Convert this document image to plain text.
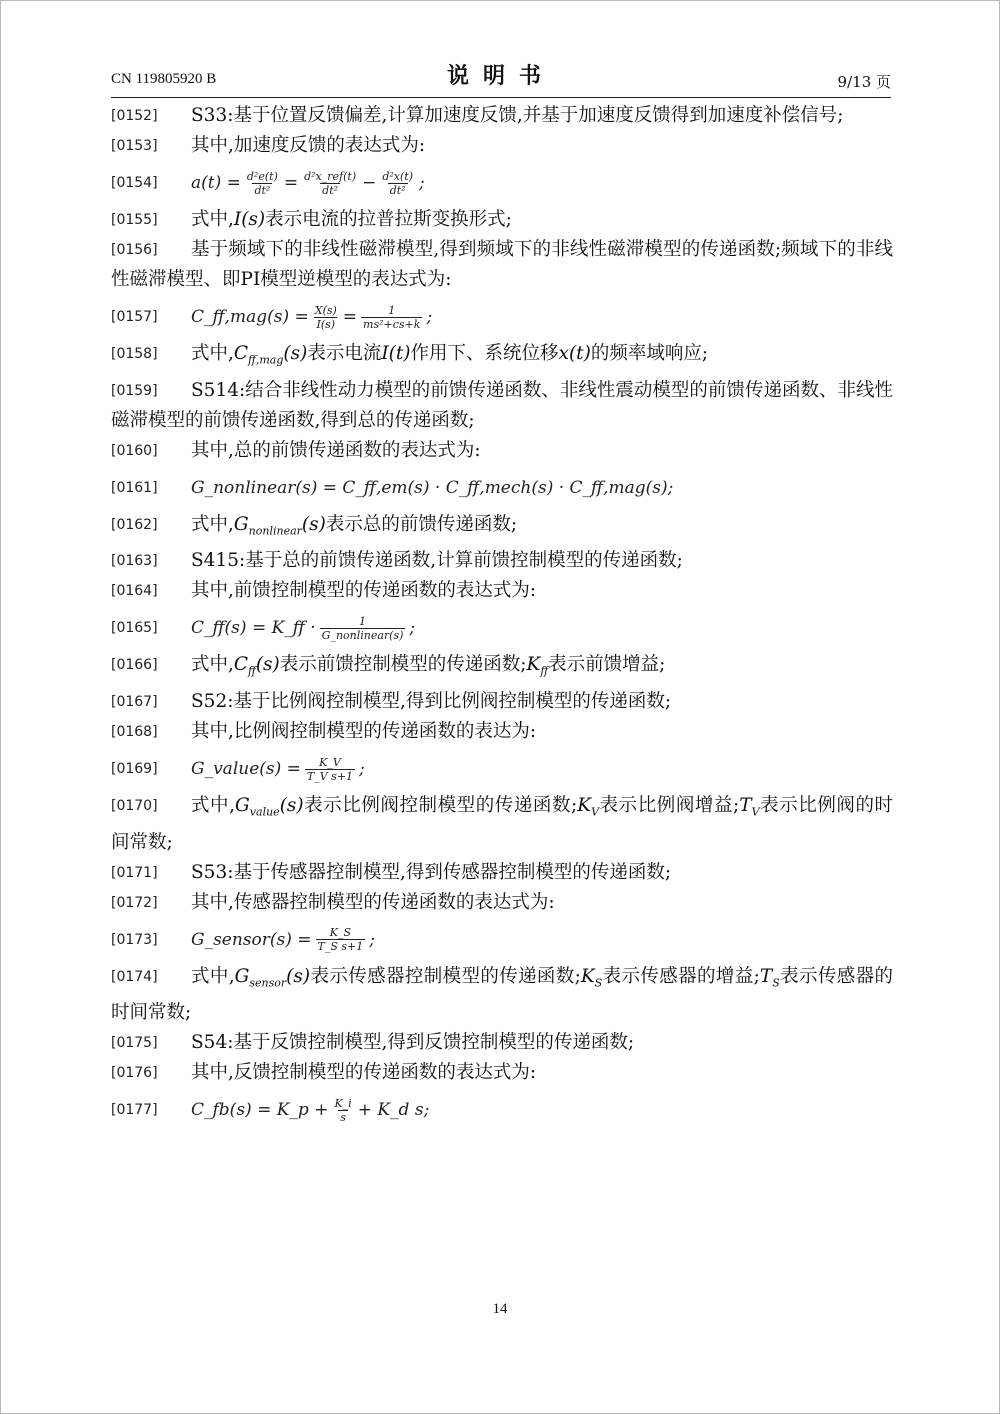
CN 119805920 B	说明书	9/13 页
[0152]	S33:基于位置反馈偏差,计算加速度反馈,并基于加速度反馈得到加速度补偿信号;
[0153]	其中,加速度反馈的表达式为:
[0154]	$a(t) = \frac{\text{d²e(t)}}{\text{dt²}} = \frac{\text{d²x\_ref(t)}}{\text{dt²}} - \frac{\text{d²x(t)}}{\text{dt²}}$ ;
[0155]	式中,I(s)表示电流的拉普拉斯变换形式;
[0156]	基于频域下的非线性磁滞模型,得到频域下的非线性磁滞模型的传递函数;频域下的非线性磁滞模型、即PI模型逆模型的表达式为:
[0157]	C_ff,mag(s) = $\frac{X(s)}{I(s)} = \frac{1}{\text{ms²+cs+k}}$ ;
[0158]	式中$,C_{ff,mag}(s)$表示电流I(t)作用下、系统位移x(t)的频率域响应;
[0159]	S514:结合非线性动力模型的前馈传递函数、非线性震动模型的前馈传递函数、非线性磁滞模型的前馈传递函数,得到总的传递函数;
[0160]	其中,总的前馈传递函数的表达式为:
[0161]	G_nonlinear(s) = C_ff,em(s) · C_ff,mech(s) · C_ff,mag(s) ;
[0162]	式中$,G_{nonlinear}(s)$表示总的前馈传递函数;
[0163]	S415:基于总的前馈传递函数,计算前馈控制模型的传递函数;
[0164]	其中,前馈控制模型的传递函数的表达式为:
[0165]	C_ff(s) = K_ff · $\frac{1}{\text{G\_nonlinear(s)}}$ ;
[0166]	式中$,C_{ff}(s)$表示前馈控制模型的传递函数$;K_{ff}$表示前馈增益;
[0167]	S52:基于比例阀控制模型,得到比例阀控制模型的传递函数;
[0168]	其中,比例阀控制模型的传递函数的表达为:
[0169]	G_value(s) = $\frac{K\_V}{\text{T\_V s+1}}$ ;
[0170]	式中$,G_{value}(s)$表示比例阀控制模型的传递函数$;K_V$表示比例阀增益$;T_V$表示比例阀的时间常数;
[0171]	S53:基于传感器控制模型,得到传感器控制模型的传递函数;
[0172]	其中,传感器控制模型的传递函数的表达式为:
[0173]	G_sensor(s) = $\frac{K\_S}{\text{T\_S s+1}}$ ;
[0174]	式中$,G_{sensor}(s)$表示传感器控制模型的传递函数$;K_S$表示传感器的增益$;T_S$表示传感器的时间常数;
[0175]	S54:基于反馈控制模型,得到反馈控制模型的传递函数;
[0176]	其中,反馈控制模型的传递函数的表达式为:
[0177]	C_fb(s) = K_p + $\frac{K\_i}{s}$ + K_d s ;
14
